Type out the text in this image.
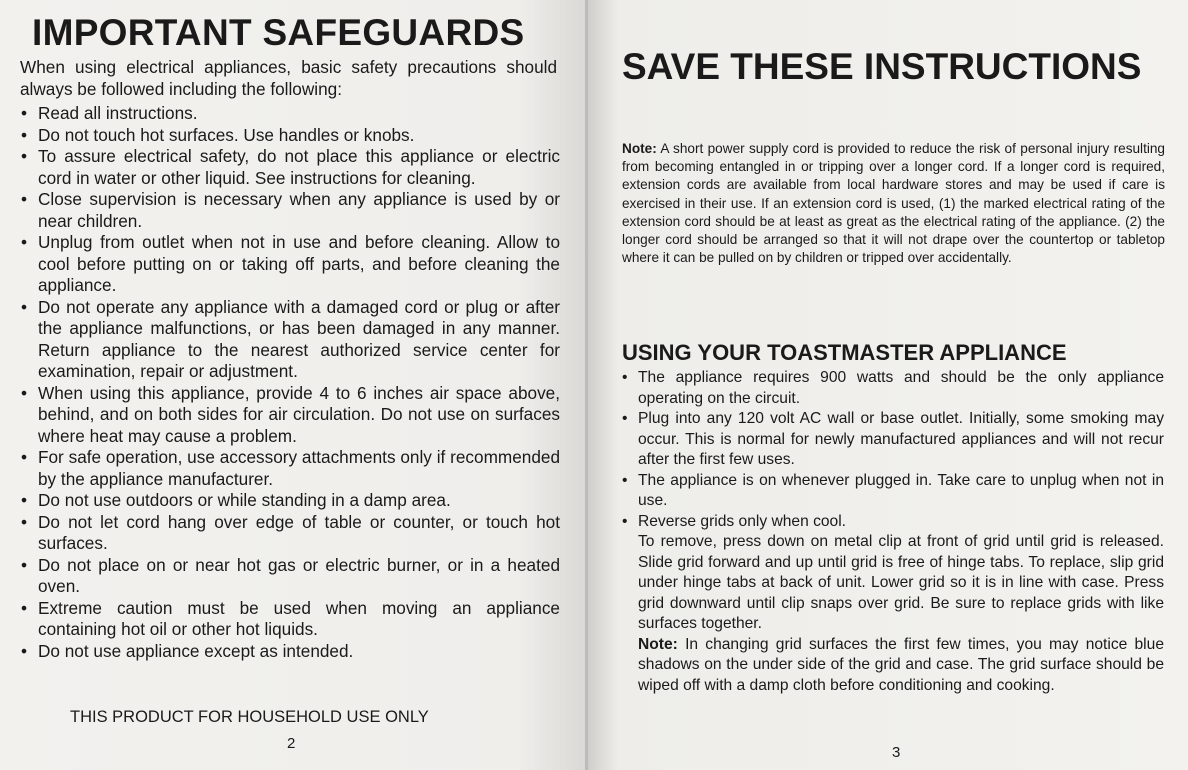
IMPORTANT SAFEGUARDS

When using electrical appliances, basic safety precautions should always be followed including the following:

• Read all instructions.
• Do not touch hot surfaces. Use handles or knobs.
• To assure electrical safety, do not place this appliance or electric cord in water or other liquid. See instructions for cleaning.
• Close supervision is necessary when any appliance is used by or near children.
• Unplug from outlet when not in use and before cleaning. Allow to cool before putting on or taking off parts, and before cleaning the appliance.
• Do not operate any appliance with a damaged cord or plug or after the appliance malfunctions, or has been damaged in any manner. Return appliance to the nearest authorized service center for examination, repair or adjustment.
• When using this appliance, provide 4 to 6 inches air space above, behind, and on both sides for air circulation. Do not use on surfaces where heat may cause a problem.
• For safe operation, use accessory attachments only if recommended by the appliance manufacturer.
• Do not use outdoors or while standing in a damp area.
• Do not let cord hang over edge of table or counter, or touch hot surfaces.
• Do not place on or near hot gas or electric burner, or in a heated oven.
• Extreme caution must be used when moving an appliance containing hot oil or other hot liquids.
• Do not use appliance except as intended.
THIS PRODUCT FOR HOUSEHOLD USE ONLY
2
SAVE THESE INSTRUCTIONS

Note: A short power supply cord is provided to reduce the risk of personal injury resulting from becoming entangled in or tripping over a longer cord. If a longer cord is required, extension cords are available from local hardware stores and may be used if care is exercised in their use. If an extension cord is used, (1) the marked electrical rating of the extension cord should be at least as great as the electrical rating of the appliance. (2) the longer cord should be arranged so that it will not drape over the countertop or tabletop where it can be pulled on by children or tripped over accidentally.

USING YOUR TOASTMASTER APPLIANCE
• The appliance requires 900 watts and should be the only appliance operating on the circuit.
• Plug into any 120 volt AC wall or base outlet. Initially, some smoking may occur. This is normal for newly manufactured appliances and will not recur after the first few uses.
• The appliance is on whenever plugged in. Take care to unplug when not in use.
• Reverse grids only when cool.

To remove, press down on metal clip at front of grid until grid is released. Slide grid forward and up until grid is free of hinge tabs. To replace, slip grid under hinge tabs at back of unit. Lower grid so it is in line with case. Press grid downward until clip snaps over grid. Be sure to replace grids with like surfaces together.

Note: In changing grid surfaces the first few times, you may notice blue shadows on the under side of the grid and case. The grid surface should be wiped off with a damp cloth before conditioning and cooking.

3
